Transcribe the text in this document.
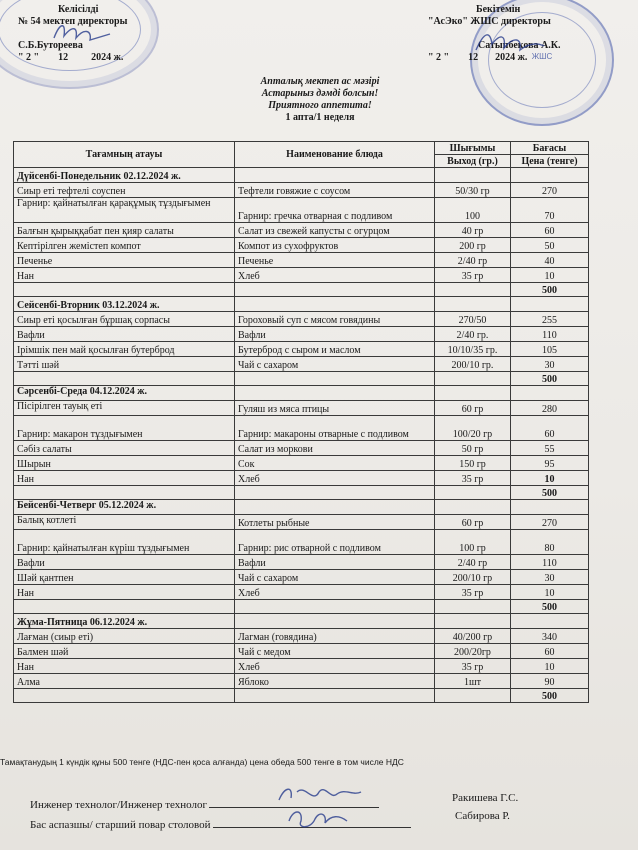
ЖШС
Келісілді
№ 54 мектеп директоры
С.Б.Бутоpeева
" 2 " 12 2024 ж.
Бекітемін
"АсЭко" ЖШС директоры
Сатыпбекова А.К.
" 2 " 12 2024 ж.
Апталық мектеп ас мәзірі
Астарыныз дәмді болсын!
Приятного аппетита!
1 апта/1 неделя
Тағамның атауы	Наименование блюда	Шығымы	Бағасы
		Выход (гр.)	Цена (тенге)
Дүйсенбі-Понедельник 02.12.2024 ж.			
Сиыр еті тефтелі соуспен	Тефтели говяжие с соусом	50/30 гр	270
Гарнир: қайнатылған қарақұмық тұздығымен	Гарнир: гречка отварная с подливом	100	70
Балғын қырыққабат пен қияр салаты	Салат из свежей капусты с огурцом	40 гр	60
Кептірілген жемістеп компот	Компот из сухофруктов	200 гр	50
Печенье	Печенье	2/40 гр	40
Нан	Хлеб	35 гр	10
			500
Сейсенбі-Вторник 03.12.2024 ж.			
Сиыр еті қосылған бұршақ сорпасы	Гороховый суп с мясом говядины	270/50	255
Вафли	Вафли	2/40 гр.	110
Ірімшік пен май қосылған бутерброд	Бутерброд с сыром и маслом	10/10/35 гр.	105
Тәтті шәй	Чай с сахаром	200/10 гр.	30
			500
Сәрсенбі-Среда 04.12.2024 ж.			
Пісірілген тауық еті	Гуляш из мяса птицы	60 гр	280
Гарнир: макарон тұздығымен	Гарнир: макароны отварные с подливом	100/20 гр	60
Сәбіз салаты	Салат из моркови	50 гр	55
Шырын	Сок	150 гр	95
Нан	Хлеб	35 гр	10
			500
Бейсенбі-Четверг 05.12.2024 ж.			
Балық котлеті	Котлеты рыбные	60 гр	270
Гарнир: қайнатылған күріш тұздығымен	Гарнир: рис отварной с подливом	100 гр	80
Вафли	Вафли	2/40 гр	110
Шәй қантпен	Чай с сахаром	200/10 гр	30
Нан	Хлеб	35 гр	10
			500
Жұма-Пятница 06.12.2024 ж.			
Лағман (сиыр еті)	Лагман (говядина)	40/200 гр	340
Балмен шәй	Чай с медом	200/20гр	60
Нан	Хлеб	35 гр	10
Алма	Яблоко	1шт	90
			500
Тамақтанудың 1 күндік құны 500 тенге (НДС-пен қоса алғанда) цена обеда 500 тенге в том числе НДС
Инженер технолог/Инженер технолог
Ракишева Г.С.
Бас аспазшы/ старший повар столовой
Сабирова Р.
